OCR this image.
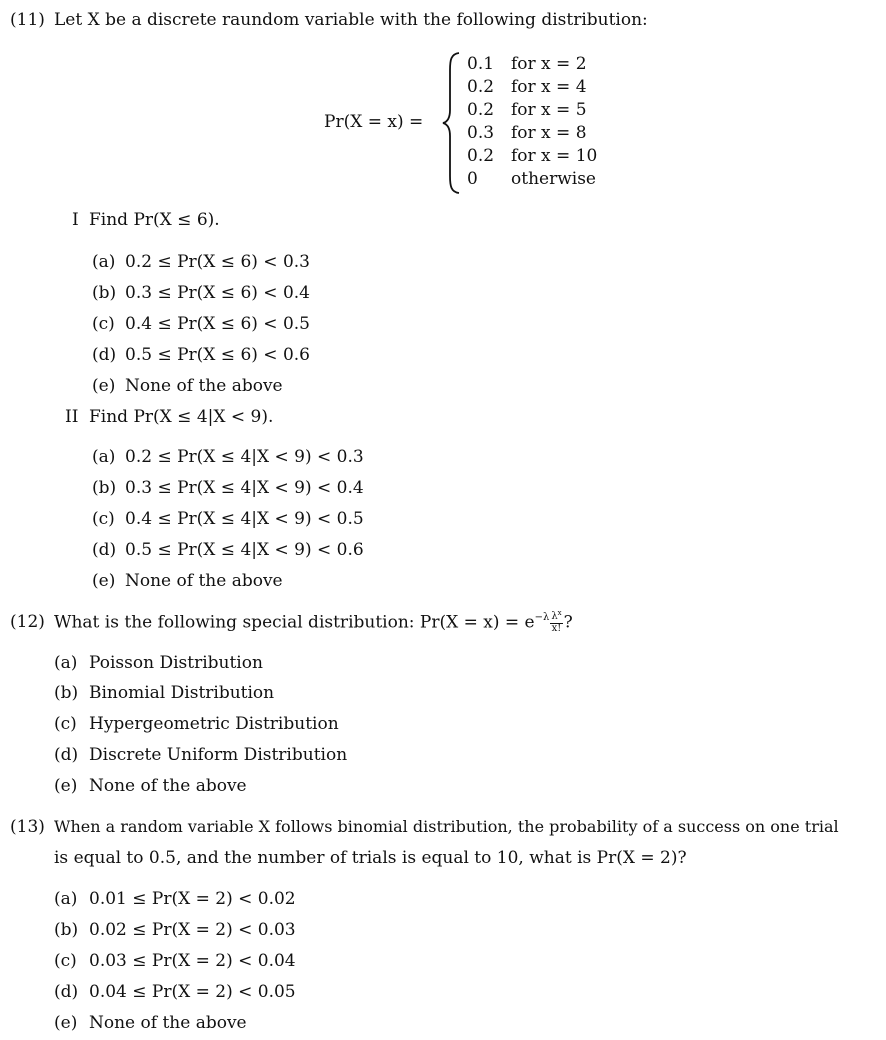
(11) Let X be a discrete raundom variable with the following distribution:
Pr(X = x) =
0.1
0.2
0.2
0.3
0.2
0
for x = 2
for x = 4
for x = 5
for x = 8
for x = 10
otherwise
I Find Pr(X ≤ 6).
(a) 0.2 ≤ Pr(X ≤ 6) < 0.3
(b) 0.3 ≤ Pr(X ≤ 6) < 0.4
(c) 0.4 ≤ Pr(X ≤ 6) < 0.5
(d) 0.5 ≤ Pr(X ≤ 6) < 0.6
(e) None of the above
II Find Pr(X ≤ 4|X < 9).
(a) 0.2 ≤ Pr(X ≤ 4|X < 9) < 0.3
(b) 0.3 ≤ Pr(X ≤ 4|X < 9) < 0.4
(c) 0.4 ≤ Pr(X ≤ 4|X < 9) < 0.5
(d) 0.5 ≤ Pr(X ≤ 4|X < 9) < 0.6
(e) None of the above
(12) What is the following special distribution: $Pr(X = x) = e^{-\lambda} \frac{\lambda^x}{x!}$ ?
(a) Poisson Distribution
(b) Binomial Distribution
(c) Hypergeometric Distribution
(d) Discrete Uniform Distribution
(e) None of the above
(13) When a random variable X follows binomial distribution, the probability of a success on one trial
is equal to 0.5, and the number of trials is equal to 10, what is Pr(X = 2)?
(a) 0.01 ≤ Pr(X = 2) < 0.02
(b) 0.02 ≤ Pr(X = 2) < 0.03
(c) 0.03 ≤ Pr(X = 2) < 0.04
(d) 0.04 ≤ Pr(X = 2) < 0.05
(e) None of the above
